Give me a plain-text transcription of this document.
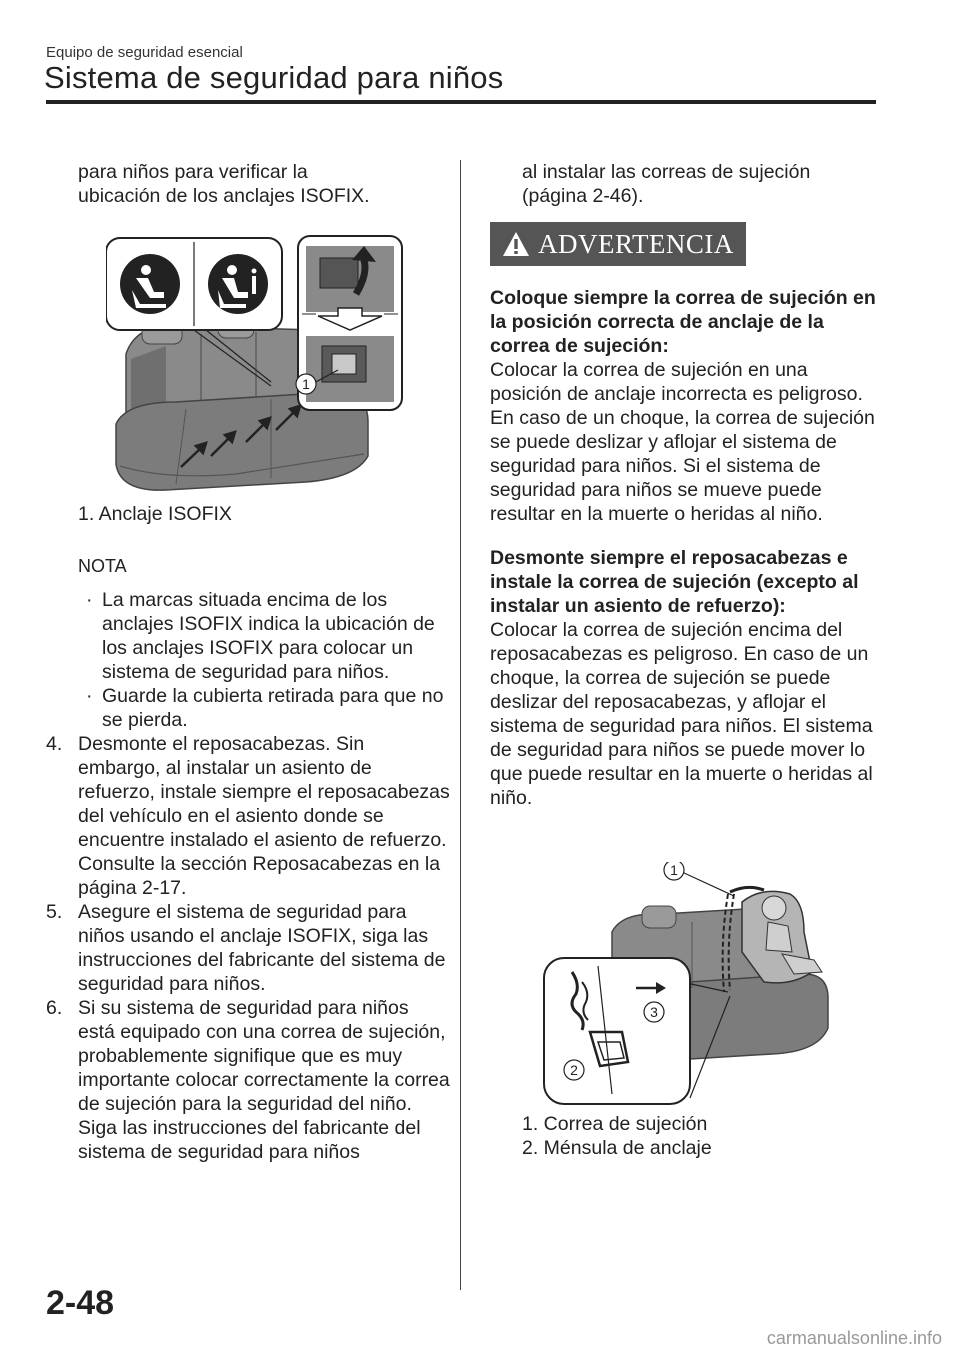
Equipo de seguridad esencial
Sistema de seguridad para niños

para niños para verificar la

ubicación de los anclajes ISOFIX.

1

1. Anclaje ISOFIX

NOTA

· La marcas situada encima de los anclajes ISOFIX indica la ubicación de los anclajes ISOFIX para colocar un sistema de seguridad para niños.

· Guarde la cubierta retirada para que no se pierda.

4. Desmonte el reposacabezas. Sin embargo, al instalar un asiento de refuerzo, instale siempre el reposacabezas del vehículo en el asiento donde se encuentre instalado el asiento de refuerzo. Consulte la sección Reposacabezas en la página 2-17.

5. Asegure el sistema de seguridad para niños usando el anclaje ISOFIX, siga las instrucciones del fabricante del sistema de seguridad para niños.

6. Si su sistema de seguridad para niños está equipado con una correa de sujeción, probablemente signifique que es muy importante colocar correctamente la correa de sujeción para la seguridad del niño. Siga las instrucciones del fabricante del sistema de seguridad para niños

al instalar las correas de sujeción

(página 2-46).

ADVERTENCIA

Coloque siempre la correa de sujeción en la posición correcta de anclaje de la correa de sujeción:

Colocar la correa de sujeción en una posición de anclaje incorrecta es peligroso. En caso de un choque, la correa de sujeción se puede deslizar y aflojar el sistema de seguridad para niños. Si el sistema de seguridad para niños se mueve puede resultar en la muerte o heridas al niño.

Desmonte siempre el reposacabezas e instale la correa de sujeción (excepto al instalar un asiento de refuerzo):

Colocar la correa de sujeción encima del reposacabezas es peligroso. En caso de un choque, la correa de sujeción se puede deslizar del reposacabezas, y aflojar el sistema de seguridad para niños. El sistema de seguridad para niños se puede mover lo que puede resultar en la muerte o heridas al niño.

1
3
2

1. Correa de sujeción

2. Ménsula de anclaje

2-48
carmanualsonline.info
